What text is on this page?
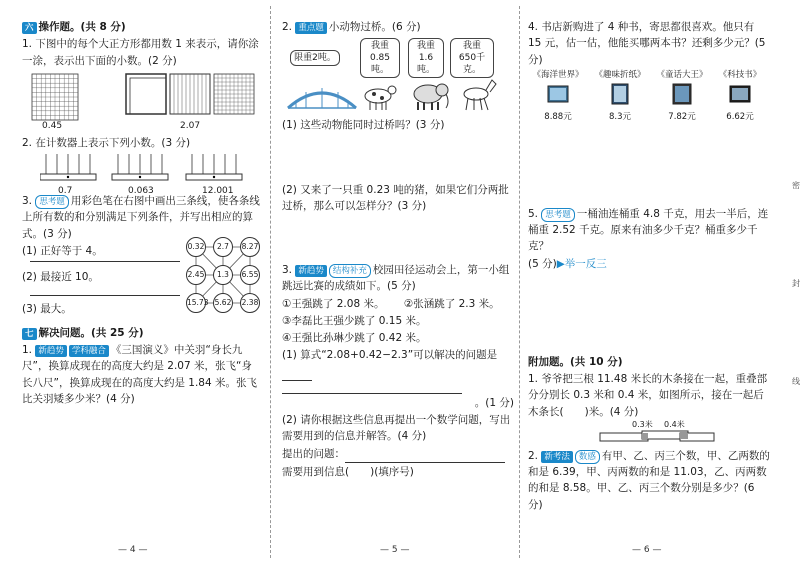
六 操作题。(共 8 分)
1. 下图中的每个大正方形都用数 1 来表示，请你涂一涂，表示出下面的小数。(2 分)
0.45	2.07
2. 在计数器上表示下列小数。(3 分)
0.7	0.063	12.001
3. 思考题 用彩色笔在右图中画出三条线，使各条线上所有数的和分别满足下列条件，并写出相应的算式。(3 分)
(1) 正好等于 4。
(2) 最接近 10。
(3) 最大。
0.32	2.7	8.27
2.45	1.3	6.55
15.73 5.62 2.38
七 解决问题。(共 25 分)
1. 新趋势 学科融合 《三国演义》中关羽“身长九尺”，换算成现在的高度大约是 2.07 米，张飞“身长八尺”，换算成现在的高度大约是 1.84 米。张飞比关羽矮多少米？(4 分)
— 4 —
2. 重点题 小动物过桥。(6 分)
限重2吨。
我重 0.85吨。
我重 1.6吨。
我重 650千克。
(1) 这些动物能同时过桥吗？(3 分)
(2) 又来了一只重 0.23 吨的猪，如果它们分两批过桥，那么可以怎样分？(3 分)
3. 新趋势 结构补充 校园田径运动会上，第一小组跳远比赛的成绩如下。(5 分)
①王强跳了 2.08 米。 ②张涵跳了 2.3 米。
③李磊比王强少跳了 0.15 米。
④王强比孙琳少跳了 0.42 米。
(1) 算式“2.08+0.42−2.3”可以解决的问题是
。(1 分)
(2) 请你根据这些信息再提出一个数学问题，写出需要用到的信息并解答。(4 分)
提出的问题：
需要用到信息(　　)(填序号)
— 5 —
4. 书店新购进了 4 种书，寄思都很喜欢。他只有 15 元，估一估，他能买哪两本书？还剩多少元？(5 分)
《海洋世界》
8.88元
《趣味折纸》
8.3元
《童话大王》
7.82元
《科技书》
6.62元
5. 思考题 一桶油连桶重 4.8 千克，用去一半后，连桶重 2.52 千克。原来有油多少千克？桶重多少千克？
(5 分)▶举一反三
附加题。(共 10 分)
1. 爷爷把三根 11.48 米长的木条接在一起，重叠部分分别长 0.3 米和 0.4 米，如图所示，接在一起后木条长(　　)米。(4 分)
0.3米 0.4米
2. 新考法 数感 有甲、乙、丙三个数，甲、乙两数的和是 6.39，甲、丙两数的和是 11.03，乙、丙两数的和是 8.58。甲、乙、丙三个数分别是多少？(6 分)
— 6 —
密
封
线
